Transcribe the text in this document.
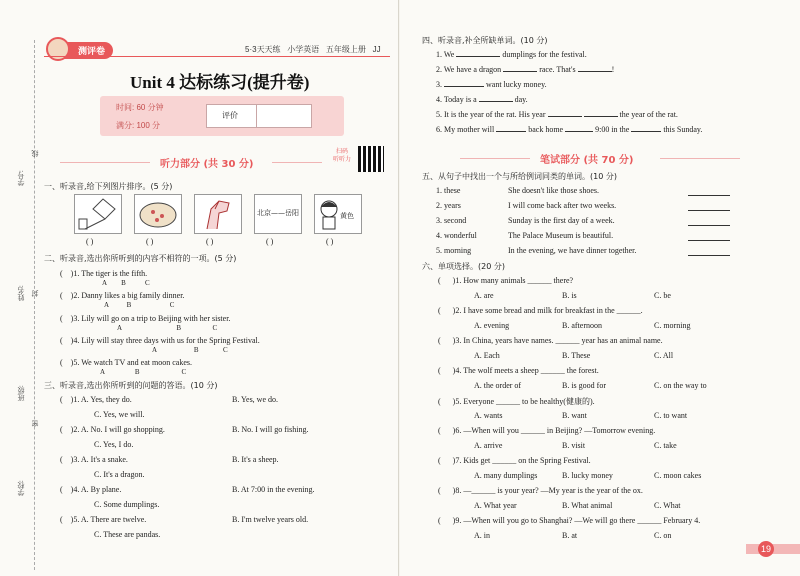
学号:
姓名:
班级:
学校:
线
封
密
测评卷	5·3天天练 小学英语 五年级上册 JJ
Unit 4 达标练习(提升卷)
时间: 60 分钟
满分: 100 分
评价
听力部分 (共 30 分)
扫码
听听力
一、听录音,给下列图片排序。(5 分)
北京——岳阳	黄色
( )	( )	( )	( )	( )
二、听录音,选出你所听到的内容不相符的一项。(5 分)
(    )1. The tiger is the fifth.
A B	C
(    )2. Danny likes a big family dinner.
A	B	C
(    )3. Lily will go on a trip to Beijing with her sister.
A	B	C
(    )4. Lily will stay three days with us for the Spring Festival.
A	B	C
(    )5. We watch TV and eat moon cakes.
A	B	C
三、听录音,选出你所听到的问题的答语。(10 分)
(    )1. A. Yes, they do.	B. Yes, we do.
C. Yes, we will.
(    )2. A. No. I will go shopping.	B. No. I will go fishing.
C. Yes, I do.
(    )3. A. It's a snake.	B. It's a sheep.
C. It's a dragon.
(    )4. A. By plane.	B. At 7:00 in the evening.
C. Some dumplings.
(    )5. A. There are twelve.	B. I'm twelve years old.
C. These are pandas.
四、听录音,补全所缺单词。(10 分)
1. We	dumplings for the festival.
2. We have a dragon	race. That's	!
3.	want lucky money.
4. Today is a	day.
5. It is the year of the rat. His year	the year of the rat.
6. My mother will	back home	9:00 in the	this Sunday.
笔试部分 (共 70 分)
五、从句子中找出一个与所给例词同类的单词。(10 分)
1. these	She doesn't like those shoes.
2. years	I will come back after two weeks.
3. second	Sunday is the first day of a week.
4. wonderful	The Palace Museum is beautiful.
5. morning	In the evening, we have dinner together.
六、单项选择。(20 分)
(      )1. How many animals ______ there?
A. are	B. is	C. be
(      )2. I have some bread and milk for breakfast in the ______.
A. evening	B. afternoon	C. morning
(      )3. In China, years have names. ______ year has an animal name.
A. Each	B. These	C. All
(      )4. The wolf meets a sheep ______ the forest.
A. the order of	B. is good for	C. on the way to
(      )5. Everyone ______ to be healthy(健康的).
A. wants	B. want	C. to want
(      )6. —When will you ______ in Beijing? —Tomorrow evening.
A. arrive	B. visit	C. take
(      )7. Kids get ______ on the Spring Festival.
A. many dumplings	B. lucky money	C. moon cakes
(      )8. —______ is your year? —My year is the year of the ox.
A. What year	B. What animal	C. What
(      )9. —When will you go to Shanghai? —We will go there ______ February 4.
A. in	B. at	C. on
19
